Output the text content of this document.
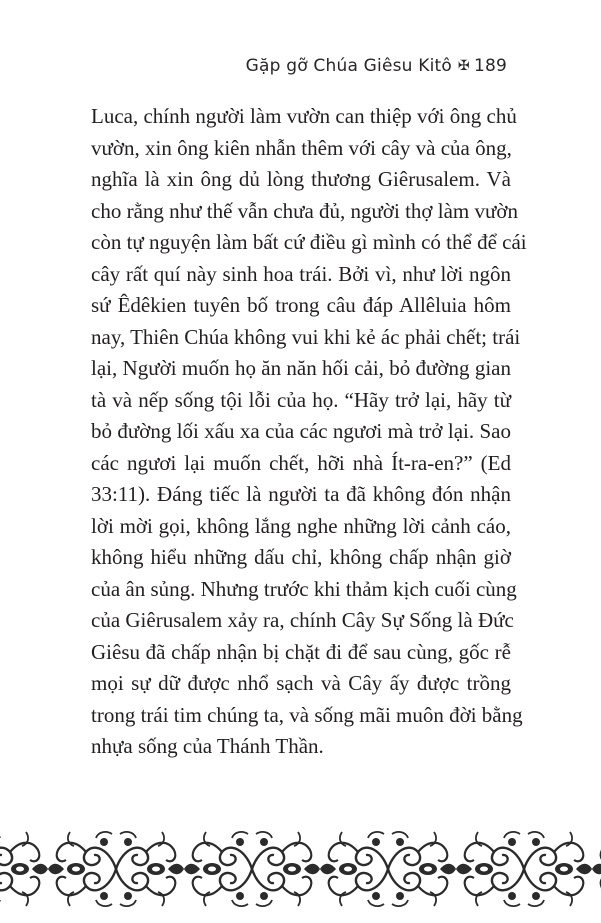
Gặp gỡ Chúa Giêsu Kitô ✠ 189
Luca, chính người làm vườn can thiệp với ông chủ
vườn, xin ông kiên nhẫn thêm với cây và của ông,
nghĩa là xin ông dủ lòng thương Giêrusalem. Và
cho rằng như thế vẫn chưa đủ, người thợ làm vườn
còn tự nguyện làm bất cứ điều gì mình có thể để cái
cây rất quí này sinh hoa trái. Bởi vì, như lời ngôn
sứ Êdêkien tuyên bố trong câu đáp Allêluia hôm
nay, Thiên Chúa không vui khi kẻ ác phải chết; trái
lại, Người muốn họ ăn năn hối cải, bỏ đường gian
tà và nếp sống tội lỗi của họ. “Hãy trở lại, hãy từ
bỏ đường lối xấu xa của các ngươi mà trở lại. Sao
các ngươi lại muốn chết, hỡi nhà Ít-ra-en?” (Ed
33:11). Đáng tiếc là người ta đã không đón nhận
lời mời gọi, không lắng nghe những lời cảnh cáo,
không hiểu những dấu chỉ, không chấp nhận giờ
của ân sủng. Nhưng trước khi thảm kịch cuối cùng
của Giêrusalem xảy ra, chính Cây Sự Sống là Đức
Giêsu đã chấp nhận bị chặt đi để sau cùng, gốc rễ
mọi sự dữ được nhổ sạch và Cây ấy được trồng
trong trái tim chúng ta, và sống mãi muôn đời bằng
nhựa sống của Thánh Thần.
